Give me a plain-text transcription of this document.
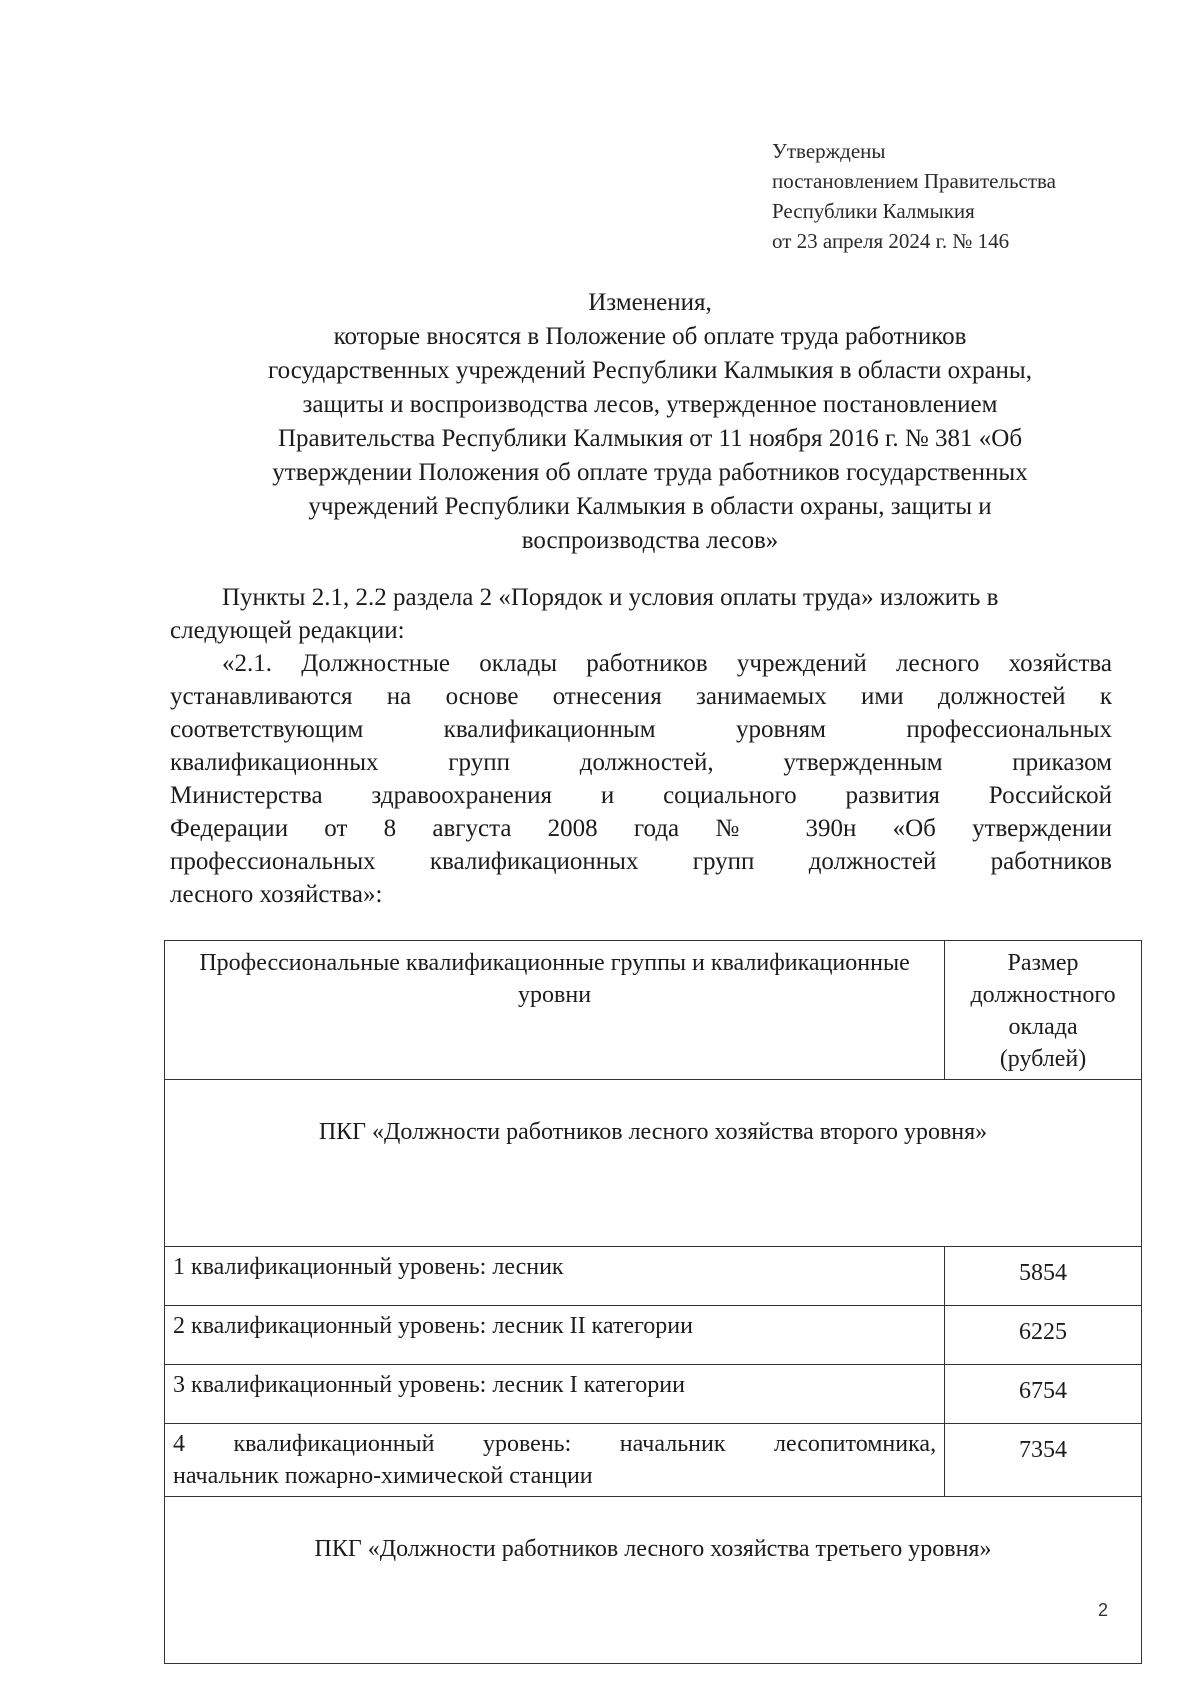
Утверждены
постановлением Правительства
Республики Калмыкия
от 23 апреля 2024 г. № 146
Изменения,
которые вносятся в Положение об оплате труда работников
государственных учреждений Республики Калмыкия в области охраны,
защиты и воспроизводства лесов, утвержденное постановлением
Правительства Республики Калмыкия от 11 ноября 2016 г. № 381 «Об
утверждении Положения об оплате труда работников государственных
учреждений Республики Калмыкия в области охраны, защиты и
воспроизводства лесов»
Пункты 2.1, 2.2 раздела 2 «Порядок и условия оплаты труда» изложить в следующей редакции:
«2.1. Должностные оклады работников учреждений лесного хозяйства
устанавливаются на основе отнесения занимаемых ими должностей к
соответствующим квалификационным уровням профессиональных
квалификационных групп должностей, утвержденным приказом
Министерства здравоохранения и социального развития Российской
Федерации от 8 августа 2008 года № 390н «Об утверждении
профессиональных квалификационных групп должностей работников
лесного хозяйства»:
Профессиональные квалификационные группы и квалификационные уровни	Размер
должностного
оклада
(рублей)

ПКГ «Должности работников лесного хозяйства второго уровня»	
1 квалификационный уровень: лесник	5854
2 квалификационный уровень: лесник II категории	6225
3 квалификационный уровень: лесник I категории	6754

4 квалификационный уровень: начальник лесопитомника,
начальник пожарно-химической станции	7354
ПКГ «Должности работников лесного хозяйства третьего уровня»	
2
